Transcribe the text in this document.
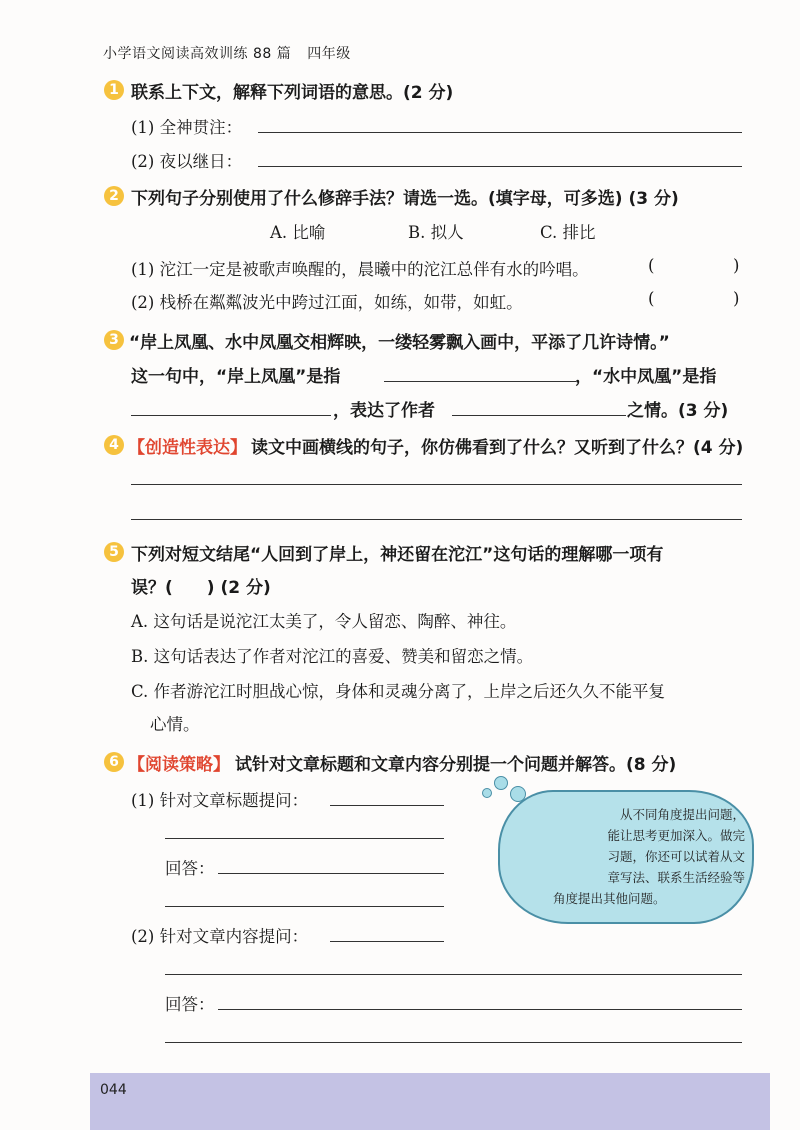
小学语文阅读高效训练 88 篇 四年级
1 联系上下文，解释下列词语的意思。(2 分)
(1) 全神贯注：
(2) 夜以继日：
2 下列句子分别使用了什么修辞手法？请选一选。(填字母，可多选) (3 分)
A. 比喻	B. 拟人	C. 排比
(1) 沱江一定是被歌声唤醒的，晨曦中的沱江总伴有水的吟唱。	(	)
(2) 栈桥在粼粼波光中跨过江面，如练，如带，如虹。	(	)
3 “岸上凤凰、水中凤凰交相辉映，一缕轻雾飘入画中，平添了几许诗情。”
这一句中，“岸上凤凰”是指	，“水中凤凰”是指
，表达了作者	之情。(3 分)
4 【创造性表达】 读文中画横线的句子，你仿佛看到了什么？又听到了什么？(4 分)
5 下列对短文结尾“人回到了岸上，神还留在沱江”这句话的理解哪一项有
误？(　　) (2 分)
A. 这句话是说沱江太美了，令人留恋、陶醉、神往。
B. 这句话表达了作者对沱江的喜爱、赞美和留恋之情。
C. 作者游沱江时胆战心惊，身体和灵魂分离了，上岸之后还久久不能平复
心情。
6 【阅读策略】 试针对文章标题和文章内容分别提一个问题并解答。(8 分)
(1) 针对文章标题提问：
回答：
(2) 针对文章内容提问：
回答：
从不同角度提出问题，
能让思考更加深入。做完
习题，你还可以试着从文
章写法、联系生活经验等
角度提出其他问题。
044
